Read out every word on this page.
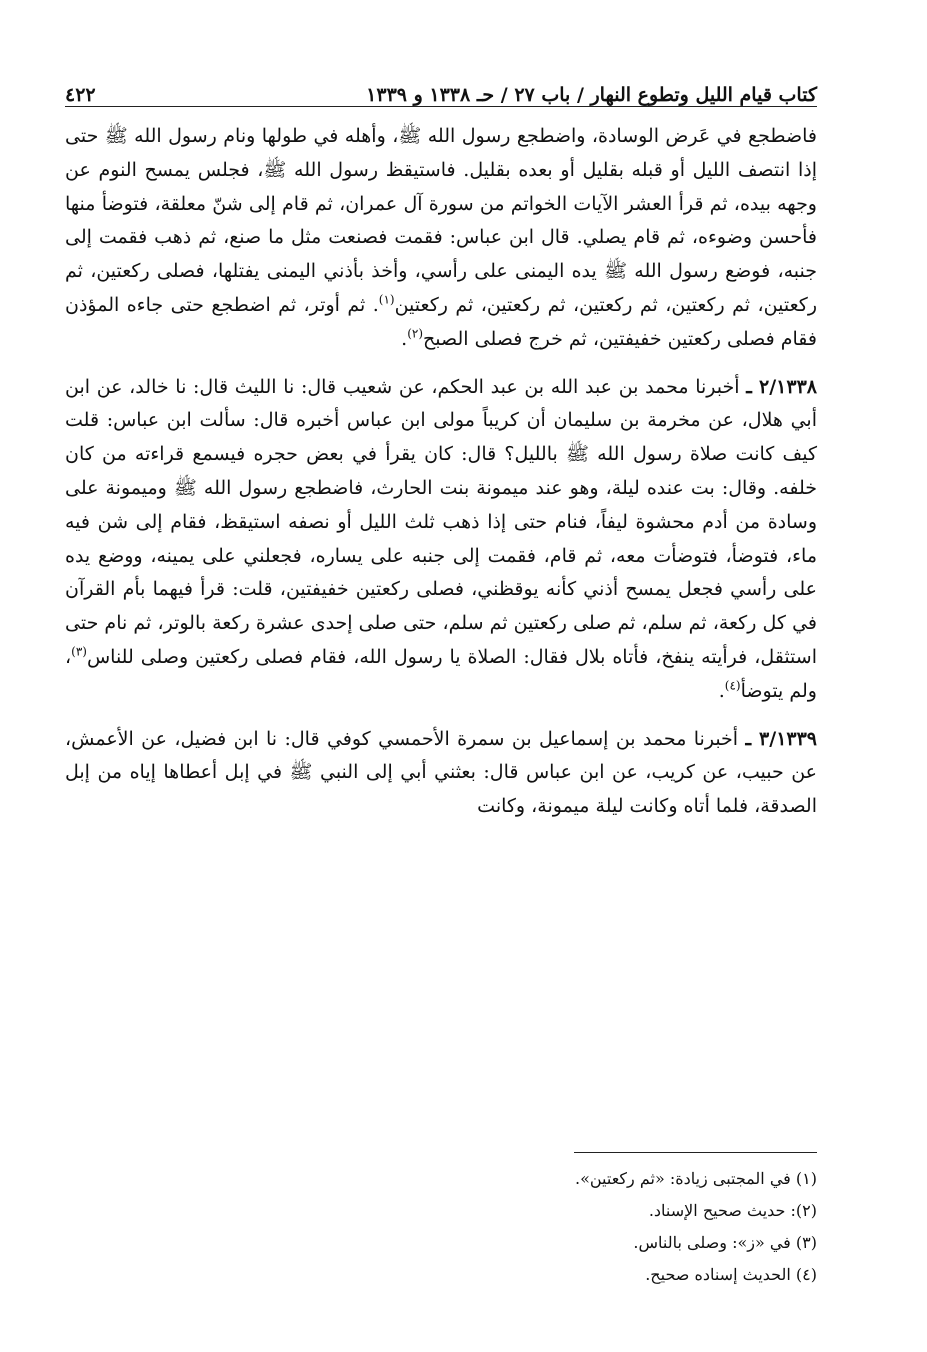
كتاب قيام الليل وتطوع النهار / باب ٢٧ / حـ ١٣٣٨ و ١٣٣٩
٤٢٢

فاضطجع في عَرض الوسادة، واضطجع رسول الله ﷺ، وأهله في طولها ونام رسول الله ﷺ حتى إذا انتصف الليل أو قبله بقليل أو بعده بقليل. فاستيقظ رسول الله ﷺ، فجلس يمسح النوم عن وجهه بيده، ثم قرأ العشر الآيات الخواتم من سورة آل عمران، ثم قام إلى شنّ معلقة، فتوضأ منها فأحسن وضوءه، ثم قام يصلي. قال ابن عباس: فقمت فصنعت مثل ما صنع، ثم ذهب فقمت إلى جنبه، فوضع رسول الله ﷺ يده اليمنى على رأسي، وأخذ بأذني اليمنى يفتلها، فصلى ركعتين، ثم ركعتين، ثم ركعتين، ثم ركعتين، ثم ركعتين، ثم ركعتين$^{(١)}$. ثم أوتر، ثم اضطجع حتى جاءه المؤذن فقام فصلى ركعتين خفيفتين، ثم خرج فصلى الصبح$^{(٢)}$.

٢/١٣٣٨ ـ أخبرنا محمد بن عبد الله بن عبد الحكم، عن شعيب قال: نا الليث قال: نا خالد، عن ابن أبي هلال، عن مخرمة بن سليمان أن كريباً مولى ابن عباس أخبره قال: سألت ابن عباس: قلت كيف كانت صلاة رسول الله ﷺ بالليل؟ قال: كان يقرأ في بعض حجره فيسمع قراءته من كان خلفه. وقال: بت عنده ليلة، وهو عند ميمونة بنت الحارث، فاضطجع رسول الله ﷺ وميمونة على وسادة من أدم محشوة ليفاً، فنام حتى إذا ذهب ثلث الليل أو نصفه استيقظ، فقام إلى شن فيه ماء، فتوضأ، فتوضأت معه، ثم قام، فقمت إلى جنبه على يساره، فجعلني على يمينه، ووضع يده على رأسي فجعل يمسح أذني كأنه يوقظني، فصلى ركعتين خفيفتين، قلت: قرأ فيهما بأم القرآن في كل ركعة، ثم سلم، ثم صلى ركعتين ثم سلم، حتى صلى إحدى عشرة ركعة بالوتر، ثم نام حتى استثقل، فرأيته ينفخ، فأتاه بلال فقال: الصلاة يا رسول الله، فقام فصلى ركعتين وصلى للناس$^{(٣)}$، ولم يتوضأ$^{(٤)}$.

٣/١٣٣٩ ـ أخبرنا محمد بن إسماعيل بن سمرة الأحمسي كوفي قال: نا ابن فضيل، عن الأعمش، عن حبيب، عن كريب، عن ابن عباس قال: بعثني أبي إلى النبي ﷺ في إبل أعطاها إياه من إبل الصدقة، فلما أتاه وكانت ليلة ميمونة، وكانت

(١) في المجتبى زيادة: «ثم ركعتين».

(٢): حديث صحيح الإسناد.

(٣) في «ز»: وصلى بالناس.

(٤) الحديث إسناده صحيح.
